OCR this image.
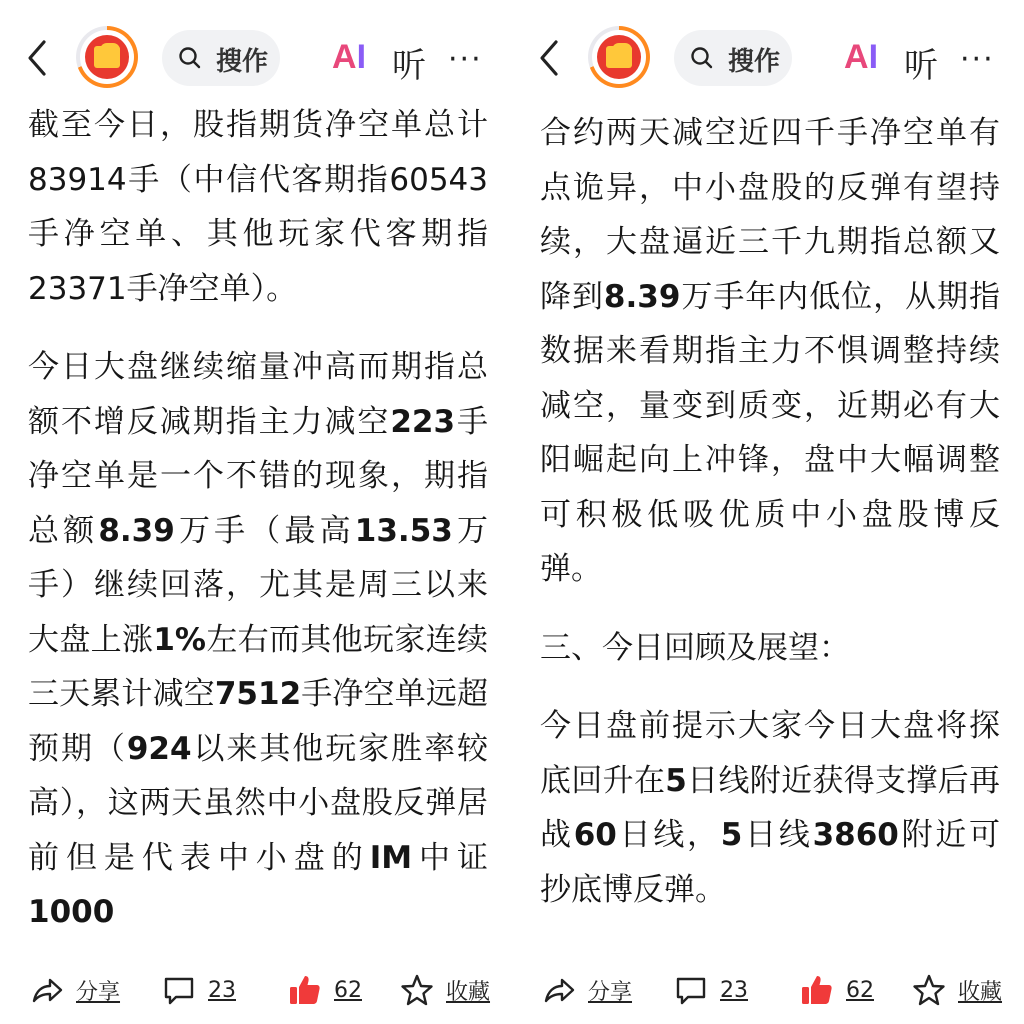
搜作 AI 听 ···

截至今日，股指期货净空单总计83914手（中信代客期指60543手净空单、其他玩家代客期指23371手净空单）。

今日大盘继续缩量冲高而期指总额不增反减期指主力减空223手净空单是一个不错的现象，期指总额8.39万手（最高13.53万手）继续回落，尤其是周三以来大盘上涨1%左右而其他玩家连续三天累计减空7512手净空单远超预期（924以来其他玩家胜率较高），这两天虽然中小盘股反弹居前但是代表中小盘的IM中证1000

分享	23	62	收藏
搜作 AI 听 ···

合约两天减空近四千手净空单有点诡异，中小盘股的反弹有望持续，大盘逼近三千九期指总额又降到8.39万手年内低位，从期指数据来看期指主力不惧调整持续减空，量变到质变，近期必有大阳崛起向上冲锋，盘中大幅调整可积极低吸优质中小盘股博反弹。

三、今日回顾及展望：

今日盘前提示大家今日大盘将探底回升在5日线附近获得支撑后再战60日线，5日线3860附近可抄底博反弹。

分享	23	62	收藏
